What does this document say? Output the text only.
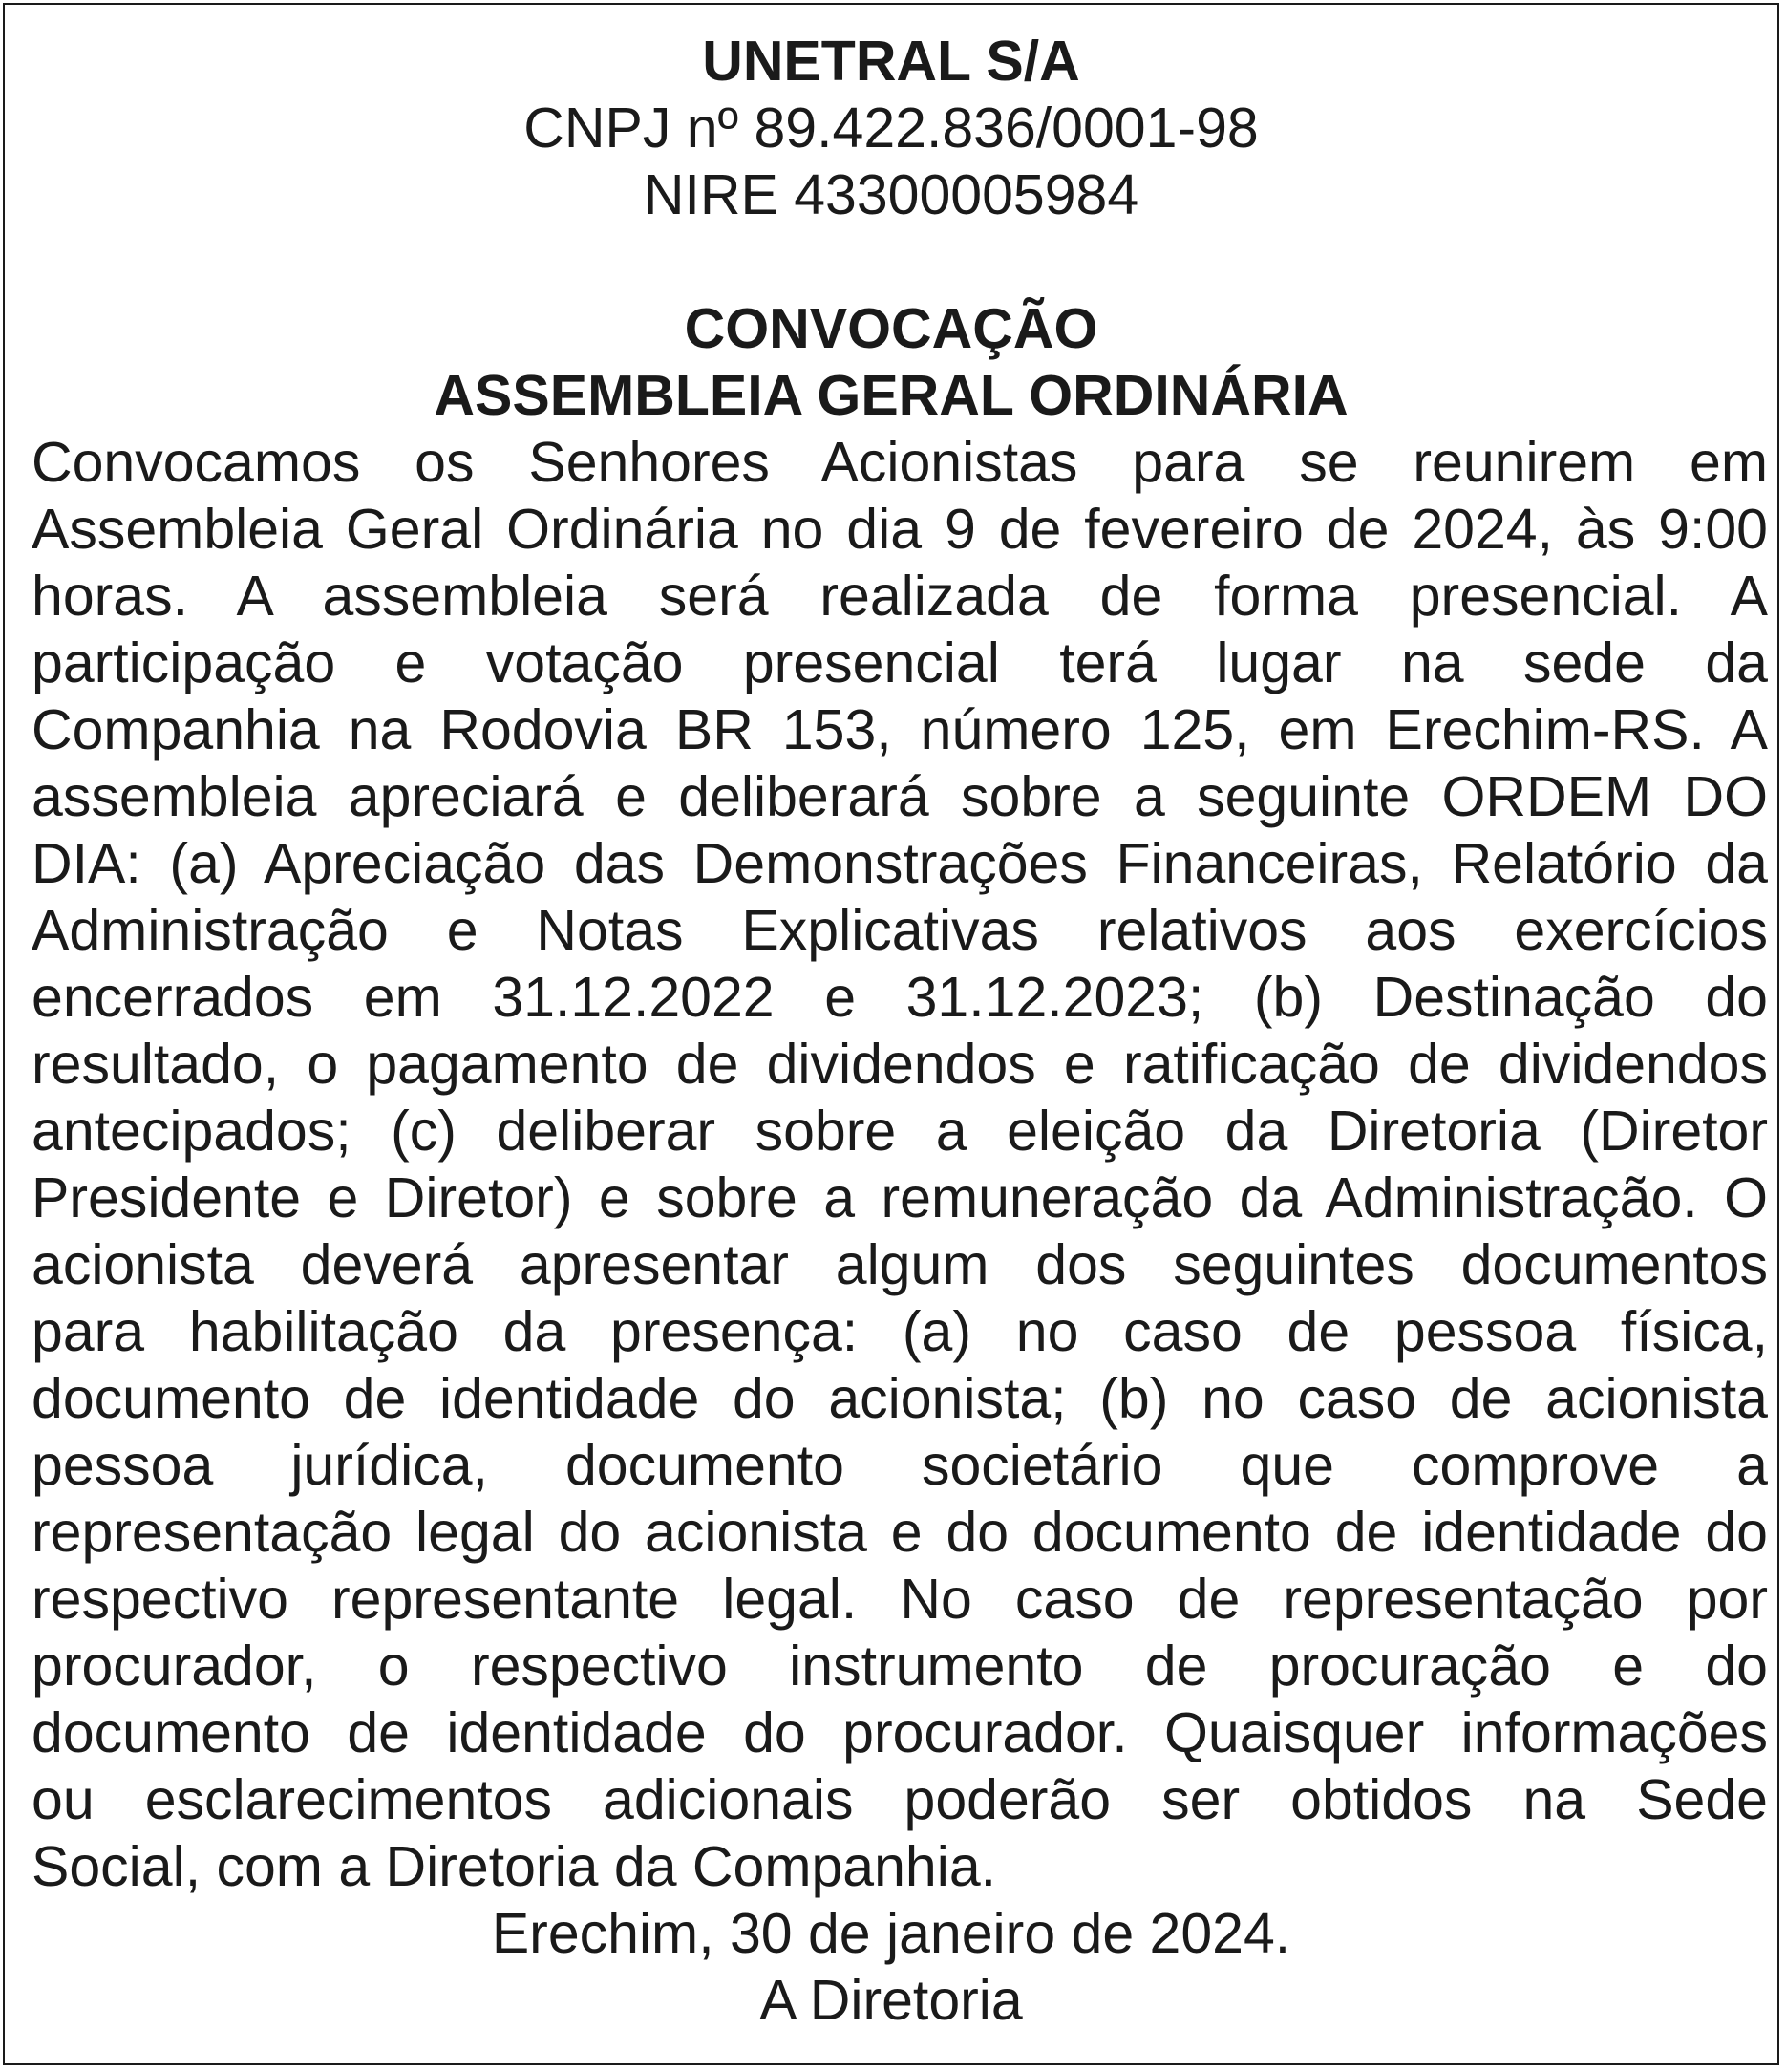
UNETRAL S/A
CNPJ nº 89.422.836/0001-98
NIRE 43300005984
CONVOCAÇÃO
ASSEMBLEIA GERAL ORDINÁRIA
Convocamos os Senhores Acionistas para se reunirem em
Assembleia Geral Ordinária no dia 9 de fevereiro de 2024, às 9:00
horas. A assembleia será realizada de forma presencial. A
participação e votação presencial terá lugar na sede da
Companhia na Rodovia BR 153, número 125, em Erechim-RS. A
assembleia apreciará e deliberará sobre a seguinte ORDEM DO
DIA: (a) Apreciação das Demonstrações Financeiras, Relatório da
Administração e Notas Explicativas relativos aos exercícios
encerrados em 31.12.2022 e 31.12.2023; (b) Destinação do
resultado, o pagamento de dividendos e ratificação de dividendos
antecipados; (c) deliberar sobre a eleição da Diretoria (Diretor
Presidente e Diretor) e sobre a remuneração da Administração. O
acionista deverá apresentar algum dos seguintes documentos
para habilitação da presença: (a) no caso de pessoa física,
documento de identidade do acionista; (b) no caso de acionista
pessoa jurídica, documento societário que comprove a
representação legal do acionista e do documento de identidade do
respectivo representante legal. No caso de representação por
procurador, o respectivo instrumento de procuração e do
documento de identidade do procurador. Quaisquer informações
ou esclarecimentos adicionais poderão ser obtidos na Sede
Social, com a Diretoria da Companhia.
Erechim, 30 de janeiro de 2024.
A Diretoria
